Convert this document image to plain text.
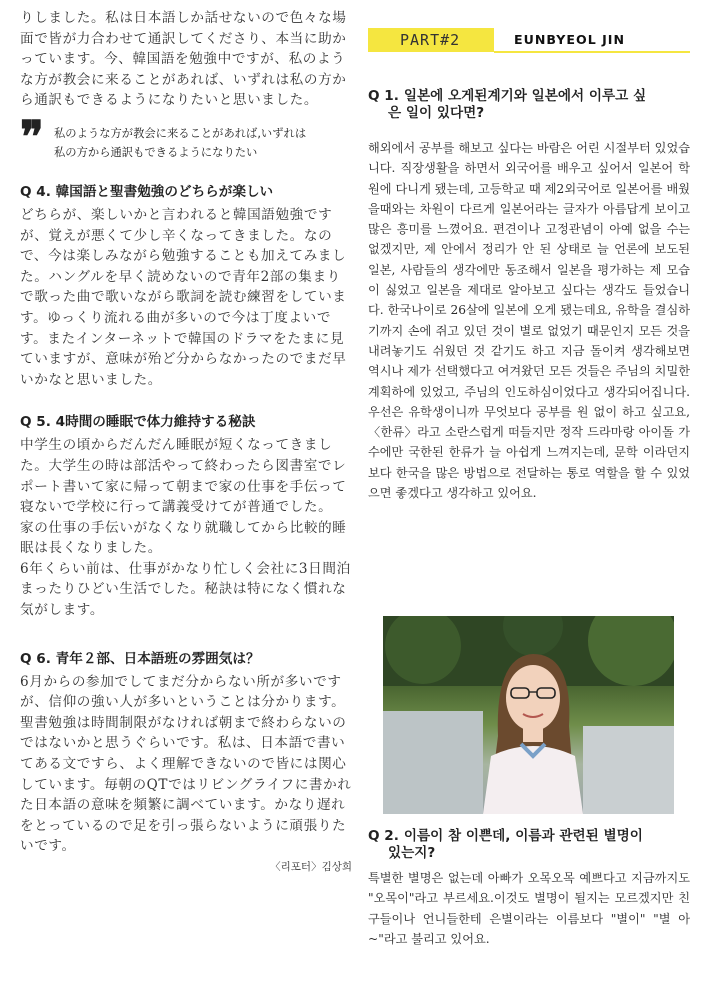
りしました。私は日本語しか話せないので色々な場面で皆が力合わせて通訳してくださり、本当に助かっています。今、韓国語を勉強中ですが、私のような方が教会に来ることがあれば、いずれは私の方から通訳もできるようになりたいと思いました。

❞ 私のような方が教会に来ることがあれば,いずれは
私の方から通訳もできるようになりたい
Q 4. 韓国語と聖書勉強のどちらが楽しい

どちらが、楽しいかと言われると韓国語勉強ですが、覚えが悪くて少し辛くなってきました。なので、今は楽しみながら勉強することも加えてみました。ハングルを早く読めないので青年2部の集まりで歌った曲で歌いながら歌詞を読む練習をしています。ゆっくり流れる曲が多いので今は丁度よいです。またインターネットで韓国のドラマをたまに見ていますが、意味が殆ど分からなかったのでまだ早いかなと思いました。

Q 5. 4時間の睡眠で体力維持する秘訣

中学生の頃からだんだん睡眠が短くなってきました。大学生の時は部活やって終わったら図書室でレポート書いて家に帰って朝まで家の仕事を手伝って寝ないで学校に行って講義受けてが普通でした。

家の仕事の手伝いがなくなり就職してから比較的睡眠は長くなりました。

6年くらい前は、仕事がかなり忙しく会社に3日間泊まったりひどい生活でした。秘訣は特になく慣れな気がします。

Q 6. 青年２部、日本語班の雰囲気は？

6月からの参加でしてまだ分からない所が多いですが、信仰の強い人が多いということは分かります。聖書勉強は時間制限がなければ朝まで終わらないのではないかと思うぐらいです。私は、日本語で書いてある文ですら、よく理解できないので皆には関心しています。毎朝のQTではリビングライフに書かれた日本語の意味を頻繁に調べています。かなり遅れをとっているので足を引っ張らないように頑張りたいです。

〈리포터〉김상희
PART#2	EUNBYEOL JIN
Q 1. 일본에 오게된계기와 일본에서 이루고 싶
은 일이 있다면?

해외에서 공부를 해보고 싶다는 바람은 어린 시절부터 있었습니다. 직장생활을 하면서 외국어를 배우고 싶어서 일본어 학원에 다니게 됐는데, 고등학교 때 제2외국어로 일본어를 배웠을때와는 차원이 다르게 일본어라는 글자가 아름답게 보이고 많은 흥미를 느꼈어요. 편견이나 고정관념이 아예 없을 수는 없겠지만, 제 안에서 정리가 안 된 상태로 늘 언론에 보도된 일본, 사람들의 생각에만 동조해서 일본을 평가하는 제 모습이 싫었고 일본을 제대로 알아보고 싶다는 생각도 들었습니다. 한국나이로 26살에 일본에 오게 됐는데요, 유학을 결심하기까지 손에 쥐고 있던 것이 별로 없었기 때문인지 모든 것을 내려놓기도 쉬웠던 것 같기도 하고 지금 돌이켜 생각해보면 역시나 제가 선택했다고 여겨왔던 모든 것들은 주님의 치밀한 계획하에 있었고, 주님의 인도하심이었다고 생각되어집니다. 우선은 유학생이니까 무엇보다 공부를 원 없이 하고 싶고요, 〈한류〉라고 소란스럽게 떠들지만 정작 드라마랑 아이돌 가수에만 국한된 한류가 늘 아쉽게 느껴지는데, 문학 이라던지 보다 한국을 많은 방법으로 전달하는 통로 역할을 할 수 있었으면 좋겠다고 생각하고 있어요.

Q 2. 이름이 참 이쁜데, 이름과 관련된 별명이
있는지?

특별한 별명은 없는데 아빠가 오목오목 예쁘다고 지금까지도 "오목이"라고 부르세요.이것도 별명이 될지는 모르겠지만 친구들이나 언니들한테 은별이라는 이름보다 "별이" "별 아~"라고 불리고 있어요.
